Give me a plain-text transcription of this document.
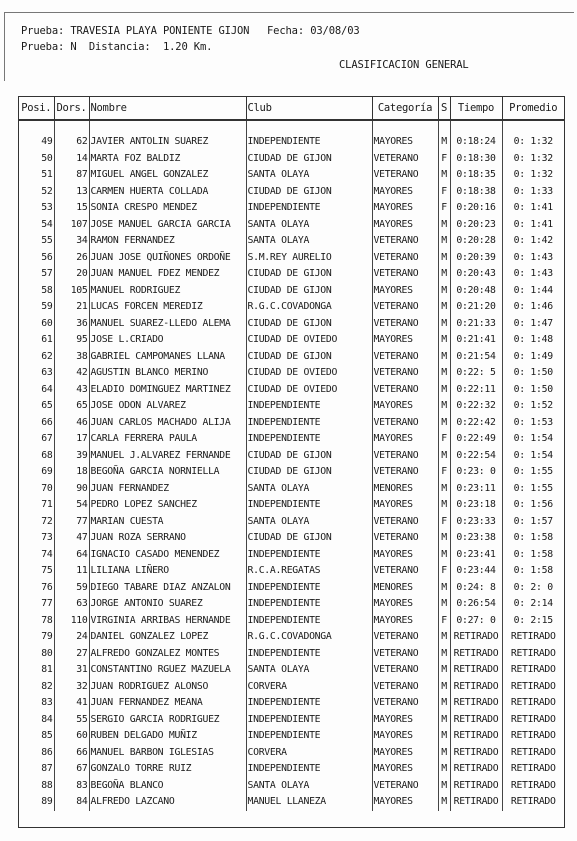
Prueba: TRAVESIA PLAYA PONIENTE GIJON Fecha: 03/08/03
Prueba: N Distancia: 1.20 Km.
CLASIFICACION GENERAL
Posi.	Dors.	Nombre	Club	Categoría	S	Tiempo	Promedio

49	62	JAVIER ANTOLIN SUAREZ	INDEPENDIENTE	MAYORES	M	0:18:24	0: 1:32
50	14	MARTA FOZ BALDIZ	CIUDAD DE GIJON	VETERANO	F	0:18:30	0: 1:32
51	87	MIGUEL ANGEL GONZALEZ	SANTA OLAYA	VETERANO	M	0:18:35	0: 1:32
52	13	CARMEN HUERTA COLLADA	CIUDAD DE GIJON	MAYORES	F	0:18:38	0: 1:33
53	15	SONIA CRESPO MENDEZ	INDEPENDIENTE	MAYORES	F	0:20:16	0: 1:41
54	107	JOSE MANUEL GARCIA GARCIA	SANTA OLAYA	MAYORES	M	0:20:23	0: 1:41
55	34	RAMON FERNANDEZ	SANTA OLAYA	VETERANO	M	0:20:28	0: 1:42
56	26	JUAN JOSE QUIÑONES ORDOÑE	S.M.REY AURELIO	VETERANO	M	0:20:39	0: 1:43
57	20	JUAN MANUEL FDEZ MENDEZ	CIUDAD DE GIJON	VETERANO	M	0:20:43	0: 1:43
58	105	MANUEL RODRIGUEZ	CIUDAD DE GIJON	MAYORES	M	0:20:48	0: 1:44
59	21	LUCAS FORCEN MEREDIZ	R.G.C.COVADONGA	VETERANO	M	0:21:20	0: 1:46
60	36	MANUEL SUAREZ-LLEDO ALEMA	CIUDAD DE GIJON	VETERANO	M	0:21:33	0: 1:47
61	95	JOSE L.CRIADO	CIUDAD DE OVIEDO	MAYORES	M	0:21:41	0: 1:48
62	38	GABRIEL CAMPOMANES LLANA	CIUDAD DE GIJON	VETERANO	M	0:21:54	0: 1:49
63	42	AGUSTIN BLANCO MERINO	CIUDAD DE OVIEDO	VETERANO	M	0:22: 5	0: 1:50
64	43	ELADIO DOMINGUEZ MARTINEZ	CIUDAD DE OVIEDO	VETERANO	M	0:22:11	0: 1:50
65	65	JOSE ODON ALVAREZ	INDEPENDIENTE	MAYORES	M	0:22:32	0: 1:52
66	46	JUAN CARLOS MACHADO ALIJA	INDEPENDIENTE	VETERANO	M	0:22:42	0: 1:53
67	17	CARLA FERRERA PAULA	INDEPENDIENTE	MAYORES	F	0:22:49	0: 1:54
68	39	MANUEL J.ALVAREZ FERNANDE	CIUDAD DE GIJON	VETERANO	M	0:22:54	0: 1:54
69	18	BEGOÑA GARCIA NORNIELLA	CIUDAD DE GIJON	VETERANO	F	0:23: 0	0: 1:55
70	90	JUAN FERNANDEZ	SANTA OLAYA	MENORES	M	0:23:11	0: 1:55
71	54	PEDRO LOPEZ SANCHEZ	INDEPENDIENTE	MAYORES	M	0:23:18	0: 1:56
72	77	MARIAN CUESTA	SANTA OLAYA	VETERANO	F	0:23:33	0: 1:57
73	47	JUAN ROZA SERRANO	CIUDAD DE GIJON	VETERANO	M	0:23:38	0: 1:58
74	64	IGNACIO CASADO MENENDEZ	INDEPENDIENTE	MAYORES	M	0:23:41	0: 1:58
75	11	LILIANA LIÑERO	R.C.A.REGATAS	VETERANO	F	0:23:44	0: 1:58
76	59	DIEGO TABARE DIAZ ANZALON	INDEPENDIENTE	MENORES	M	0:24: 8	0: 2: 0
77	63	JORGE ANTONIO SUAREZ	INDEPENDIENTE	MAYORES	M	0:26:54	0: 2:14
78	110	VIRGINIA ARRIBAS HERNANDE	INDEPENDIENTE	MAYORES	F	0:27: 0	0: 2:15
79	24	DANIEL GONZALEZ LOPEZ	R.G.C.COVADONGA	VETERANO	M	RETIRADO	RETIRADO
80	27	ALFREDO GONZALEZ MONTES	INDEPENDIENTE	VETERANO	M	RETIRADO	RETIRADO
81	31	CONSTANTINO RGUEZ MAZUELA	SANTA OLAYA	VETERANO	M	RETIRADO	RETIRADO
82	32	JUAN RODRIGUEZ ALONSO	CORVERA	VETERANO	M	RETIRADO	RETIRADO
83	41	JUAN FERNANDEZ MEANA	INDEPENDIENTE	VETERANO	M	RETIRADO	RETIRADO
84	55	SERGIO GARCIA RODRIGUEZ	INDEPENDIENTE	MAYORES	M	RETIRADO	RETIRADO
85	60	RUBEN DELGADO MUÑIZ	INDEPENDIENTE	MAYORES	M	RETIRADO	RETIRADO
86	66	MANUEL BARBON IGLESIAS	CORVERA	MAYORES	M	RETIRADO	RETIRADO
87	67	GONZALO TORRE RUIZ	INDEPENDIENTE	MAYORES	M	RETIRADO	RETIRADO
88	83	BEGOÑA BLANCO	SANTA OLAYA	VETERANO	M	RETIRADO	RETIRADO
89	84	ALFREDO LAZCANO	MANUEL LLANEZA	MAYORES	M	RETIRADO	RETIRADO
